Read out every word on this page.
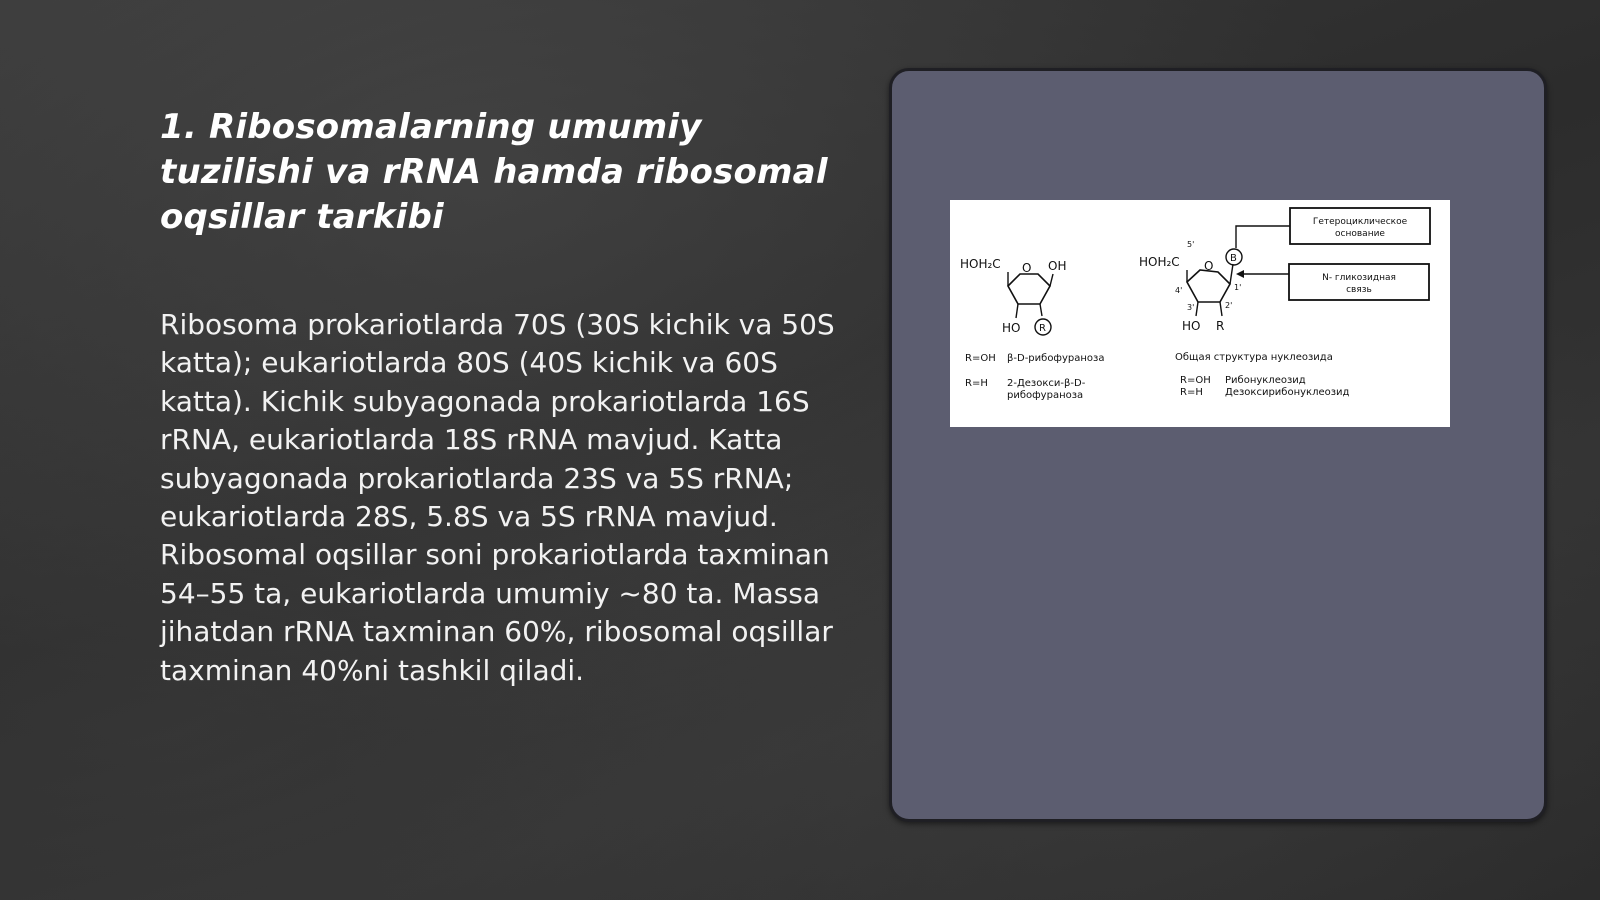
1. Ribosomalarning umumiy tuzilishi va rRNA hamda ribosomal oqsillar tarkibi

Ribosoma prokariotlarda 70S (30S kichik va 50S katta); eukariotlarda 80S (40S kichik va 60S katta). Kichik subyagonada prokariotlarda 16S rRNA, eukariotlarda 18S rRNA mavjud. Katta subyagonada prokariotlarda 23S va 5S rRNA; eukariotlarda 28S, 5.8S va 5S rRNA mavjud. Ribosomal oqsillar soni prokariotlarda taxminan 54–55 ta, eukariotlarda umumiy ~80 ta. Massa jihatdan rRNA taxminan 60%, ribosomal oqsillar taxminan 40%ni tashkil qiladi.

HOH₂C O OH
HO R
R=OH β-D-рибофураноза
R=H 2-Дезокси-β-D-
рибофураноза
HOH₂C
5'
O
4'
3'	2'
1'
B
HO R
Гетероциклическое
основание
N- гликозидная
связь
Общая структура нуклеозида
R=OH Рибонуклеозид
R=H Дезоксирибонуклеозид
